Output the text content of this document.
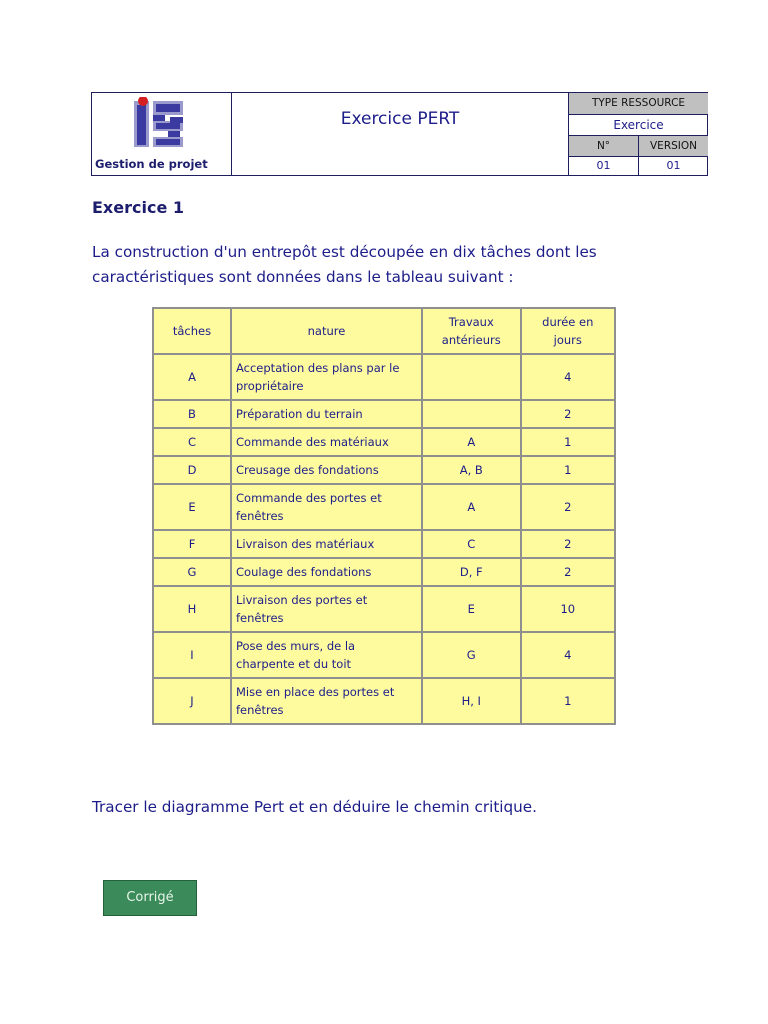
Gestion de projet
Exercice PERT
TYPE RESSOURCE
Exercice
N°	VERSION
01	01
Exercice 1
La construction d'un entrepôt est découpée en dix tâches dont les caractéristiques sont données dans le tableau suivant :
tâches	nature	Travaux antérieurs	durée en jours
A	Acceptation des plans par le propriétaire		4
B	Préparation du terrain		2
C	Commande des matériaux	A	1
D	Creusage des fondations	A, B	1
E	Commande des portes et fenêtres	A	2
F	Livraison des matériaux	C	2
G	Coulage des fondations	D, F	2
H	Livraison des portes et fenêtres	E	10
I	Pose des murs, de la charpente et du toit	G	4
J	Mise en place des portes et fenêtres	H, I	1
Tracer le diagramme Pert et en déduire le chemin critique.
Corrigé
